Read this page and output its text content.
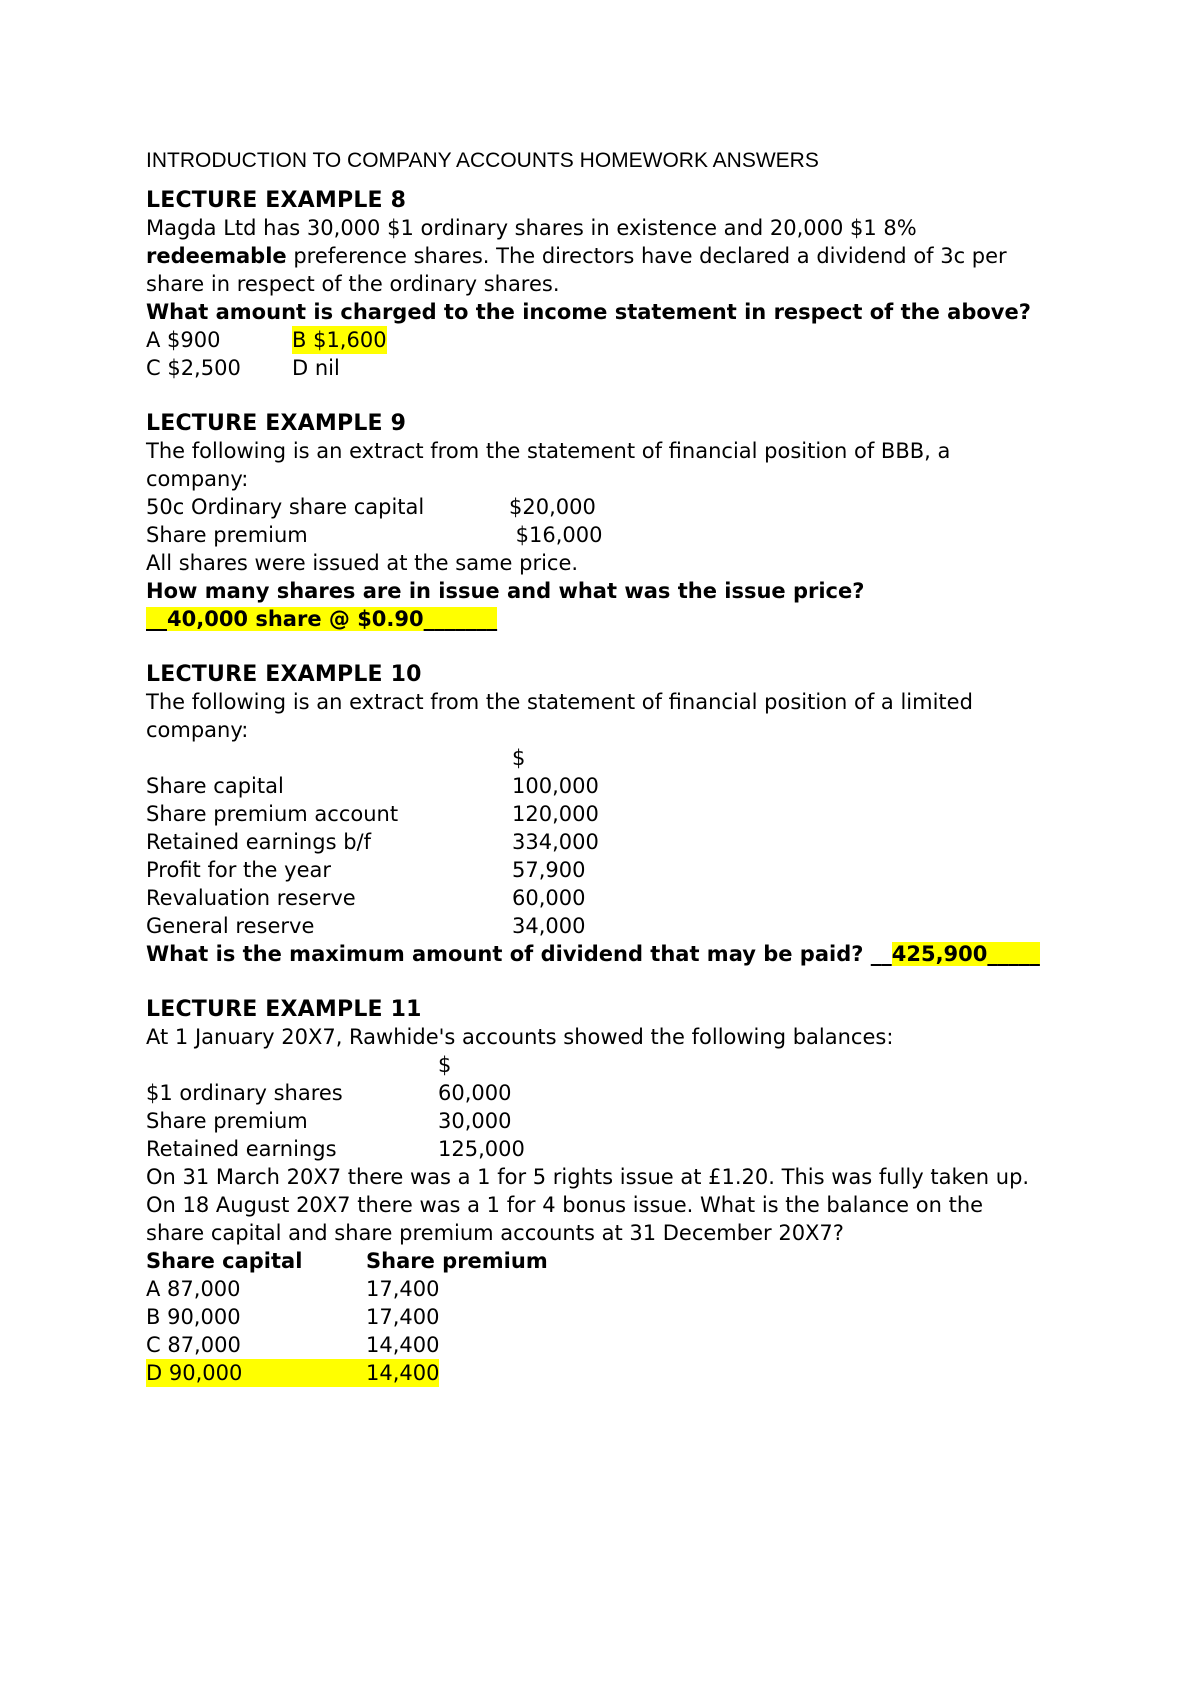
INTRODUCTION TO COMPANY ACCOUNTS HOMEWORK ANSWERS
LECTURE EXAMPLE 8
Magda Ltd has 30,000 $1 ordinary shares in existence and 20,000 $1 8%
redeemable preference shares. The directors have declared a dividend of 3c per
share in respect of the ordinary shares.
What amount is charged to the income statement in respect of the above?
A $900	B $1,600
C $2,500	D nil
LECTURE EXAMPLE 9
The following is an extract from the statement of financial position of BBB, a
company:
50c Ordinary share capital	$20,000
Share premium	$16,000
All shares were issued at the same price.
How many shares are in issue and what was the issue price?
__40,000 share @ $0.90_______
LECTURE EXAMPLE 10
The following is an extract from the statement of financial position of a limited
company:
$
Share capital	100,000
Share premium account	120,000
Retained earnings b/f	334,000
Profit for the year	57,900
Revaluation reserve	60,000
General reserve	34,000
What is the maximum amount of dividend that may be paid? __425,900_____
LECTURE EXAMPLE 11
At 1 January 20X7, Rawhide's accounts showed the following balances:
$
$1 ordinary shares	60,000
Share premium	30,000
Retained earnings	125,000
On 31 March 20X7 there was a 1 for 5 rights issue at £1.20. This was fully taken up.
On 18 August 20X7 there was a 1 for 4 bonus issue. What is the balance on the
share capital and share premium accounts at 31 December 20X7?
Share capital	Share premium
A 87,000	17,400
B 90,000	17,400
C 87,000	14,400
D 90,000	14,400
